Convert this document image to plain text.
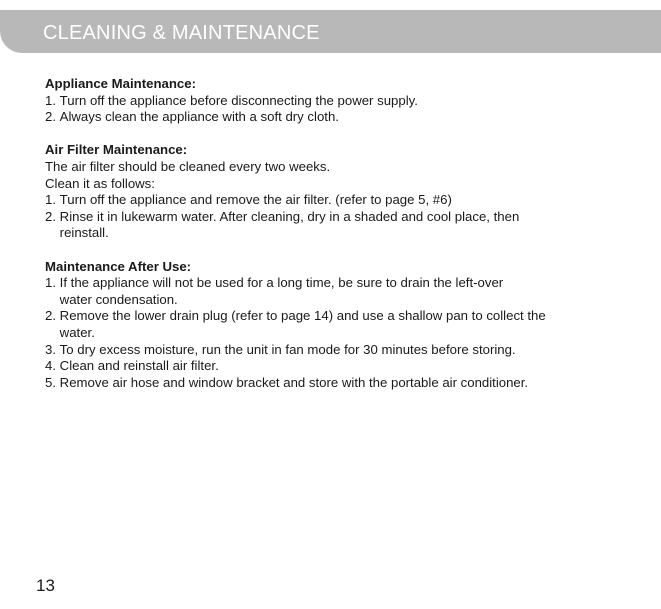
CLEANING & MAINTENANCE

Appliance Maintenance:

1. Turn off the appliance before disconnecting the power supply.
2. Always clean the appliance with a soft dry cloth.

Air Filter Maintenance:

The air filter should be cleaned every two weeks.

Clean it as follows:

1. Turn off the appliance and remove the air filter. (refer to page 5, #6)
2. Rinse it in lukewarm water. After cleaning, dry in a shaded and cool place, then reinstall.

Maintenance After Use:

1. If the appliance will not be used for a long time, be sure to drain the left-over water condensation.
2. Remove the lower drain plug (refer to page 14) and use a shallow pan to collect the water.
3. To dry excess moisture, run the unit in fan mode for 30 minutes before storing.
4. Clean and reinstall air filter.
5. Remove air hose and window bracket and store with the portable air conditioner.
13
